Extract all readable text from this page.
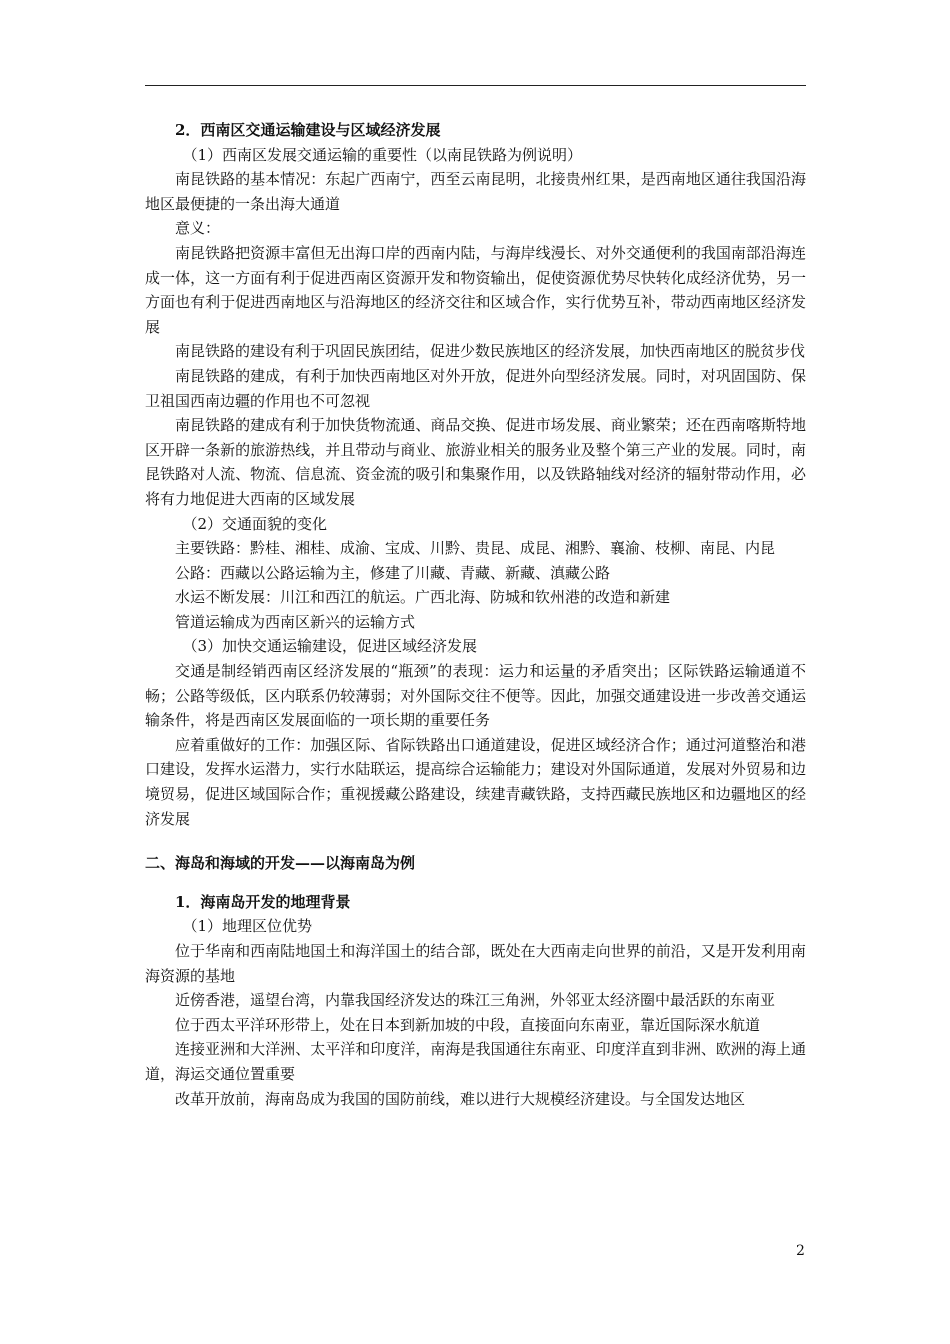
2．西南区交通运输建设与区域经济发展

（1）西南区发展交通运输的重要性（以南昆铁路为例说明）

南昆铁路的基本情况：东起广西南宁，西至云南昆明，北接贵州红果，是西南地区通往我国沿海地区最便捷的一条出海大通道

意义：

南昆铁路把资源丰富但无出海口岸的西南内陆，与海岸线漫长、对外交通便利的我国南部沿海连成一体，这一方面有利于促进西南区资源开发和物资输出，促使资源优势尽快转化成经济优势，另一方面也有利于促进西南地区与沿海地区的经济交往和区域合作，实行优势互补，带动西南地区经济发展

南昆铁路的建设有利于巩固民族团结，促进少数民族地区的经济发展，加快西南地区的脱贫步伐

南昆铁路的建成，有利于加快西南地区对外开放，促进外向型经济发展。同时，对巩固国防、保卫祖国西南边疆的作用也不可忽视

南昆铁路的建成有利于加快货物流通、商品交换、促进市场发展、商业繁荣；还在西南喀斯特地区开辟一条新的旅游热线，并且带动与商业、旅游业相关的服务业及整个第三产业的发展。同时，南昆铁路对人流、物流、信息流、资金流的吸引和集聚作用，以及铁路轴线对经济的辐射带动作用，必将有力地促进大西南的区域发展

（2）交通面貌的变化

主要铁路：黔桂、湘桂、成渝、宝成、川黔、贵昆、成昆、湘黔、襄渝、枝柳、南昆、内昆

公路：西藏以公路运输为主，修建了川藏、青藏、新藏、滇藏公路

水运不断发展：川江和西江的航运。广西北海、防城和钦州港的改造和新建

管道运输成为西南区新兴的运输方式

（3）加快交通运输建设，促进区域经济发展

交通是制经销西南区经济发展的“瓶颈”的表现：运力和运量的矛盾突出；区际铁路运输通道不畅；公路等级低，区内联系仍较薄弱；对外国际交往不便等。因此，加强交通建设进一步改善交通运输条件，将是西南区发展面临的一项长期的重要任务

应着重做好的工作：加强区际、省际铁路出口通道建设，促进区域经济合作；通过河道整治和港口建设，发挥水运潜力，实行水陆联运，提高综合运输能力；建设对外国际通道，发展对外贸易和边境贸易，促进区域国际合作；重视援藏公路建设，续建青藏铁路，支持西藏民族地区和边疆地区的经济发展

二、海岛和海域的开发——以海南岛为例

1．海南岛开发的地理背景

（1）地理区位优势

位于华南和西南陆地国土和海洋国土的结合部，既处在大西南走向世界的前沿，又是开发利用南海资源的基地

近傍香港，遥望台湾，内靠我国经济发达的珠江三角洲，外邻亚太经济圈中最活跃的东南亚

位于西太平洋环形带上，处在日本到新加坡的中段，直接面向东南亚，靠近国际深水航道

连接亚洲和大洋洲、太平洋和印度洋，南海是我国通往东南亚、印度洋直到非洲、欧洲的海上通道，海运交通位置重要

改革开放前，海南岛成为我国的国防前线，难以进行大规模经济建设。与全国发达地区

2
